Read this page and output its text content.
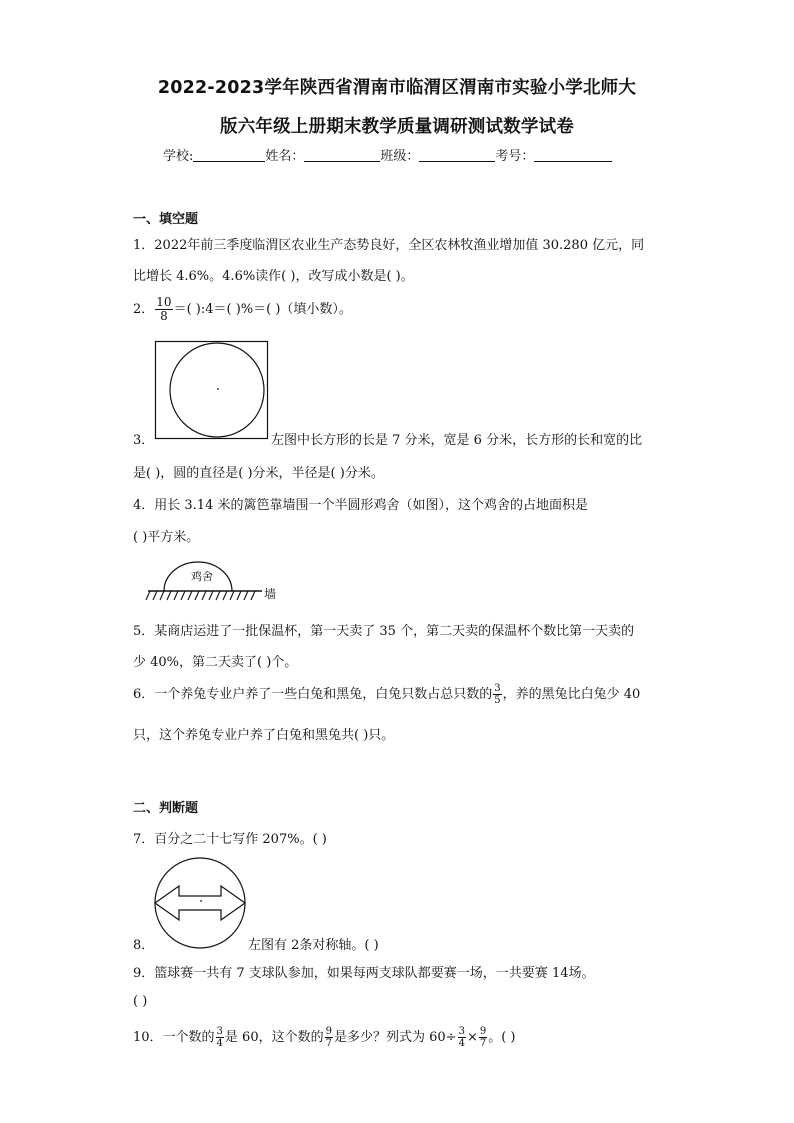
2022-2023学年陕西省渭南市临渭区渭南市实验小学北师大
版六年级上册期末教学质量调研测试数学试卷
学校:	姓名：	班级：	考号：
一、填空题
1．2022年前三季度临渭区农业生产态势良好，全区农林牧渔业增加值 30.280 亿元，同
比增长 4.6%。4.6%读作( )，改写成小数是( )。
2． $\frac{10}{8}$ ＝( ):4＝( )%＝( )（填小数）。
3．	左图中长方形的长是 7 分米，宽是 6 分米，长方形的长和宽的比
是( )，圆的直径是( )分米，半径是( )分米。
4．用长 3.14 米的篱笆靠墙围一个半圆形鸡舍（如图），这个鸡舍的占地面积是
( )平方米。
鸡舍
墙
5．某商店运进了一批保温杯，第一天卖了 35 个，第二天卖的保温杯个数比第一天卖的
少 40%，第二天卖了( )个。
6．一个养兔专业户养了一些白兔和黑兔，白兔只数占总只数的 $\frac{3}{5}$ ，养的黑兔比白兔少 40
只，这个养兔专业户养了白兔和黑兔共( )只。
二、判断题
7．百分之二十七写作 207%。( )
8．	左图有 2条对称轴。( )
9．篮球赛一共有 7 支球队参加，如果每两支球队都要赛一场，一共要赛 14场。
( )
10．一个数的 $\frac{3}{4}$ 是 60，这个数的 $\frac{9}{7}$ 是多少？列式为 $60\div \frac{3}{4} \times \frac{9}{7}$ 。( )
